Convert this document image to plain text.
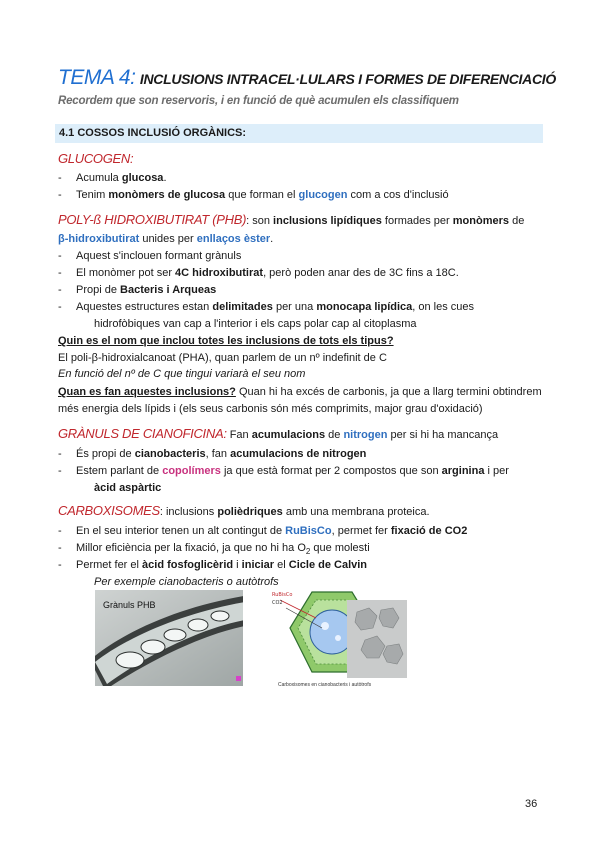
TEMA 4: INCLUSIONS INTRACEL·LULARS I FORMES DE DIFERENCIACIÓ
Recordem que son reservoris, i en funció de què acumulen els classifiquem
4.1 COSSOS INCLUSIÓ ORGÀNICS:
GLUCOGEN:
- Acumula glucosa.
- Tenim monòmers de glucosa que forman el glucogen com a cos d'inclusió
POLY-ß HIDROXIBUTIRAT (PHB): son inclusions lipídiques formades per monòmers de
β-hidroxibutirat unides per enllaços èster.
- Aquest s'inclouen formant grànuls
- El monòmer pot ser 4C hidroxibutirat, però poden anar des de 3C fins a 18C.
- Propi de Bacteris i Arqueas
- Aquestes estructures estan delimitades per una monocapa lipídica, on les cues
hidrofòbiques van cap a l'interior i els caps polar cap al citoplasma
Quin es el nom que inclou totes les inclusions de tots els tipus?
El poli-β-hidroxialcanoat (PHA), quan parlem de un nº indefinit de C
En funció del nº de C que tingui variarà el seu nom
Quan es fan aquestes inclusions? Quan hi ha excés de carbonis, ja que a llarg termini obtindrem
més energia dels lípids i (els seus carbonis són més comprimits, major grau d'oxidació)
GRÀNULS DE CIANOFICINA: Fan acumulacions de nitrogen per si hi ha mancança
- És propi de cianobacteris, fan acumulacions de nitrogen
- Estem parlant de copolímers ja que està format per 2 compostos que son arginina i per
àcid aspàrtic
CARBOXISOMES: inclusions polièdriques amb una membrana proteica.
- En el seu interior tenen un alt contingut de RuBisCo, permet fer fixació de CO2
- Millor eficiència per la fixació, ja que no hi ha $O_2$ que molesti
- Permet fer el àcid fosfoglicèrid i iniciar el Cicle de Calvin
Per exemple cianobacteris o autòtrofs
Grànuls PHB
RuBisCo
CO2
Carboxisomes en cianobacteris i autòtrofs
36
